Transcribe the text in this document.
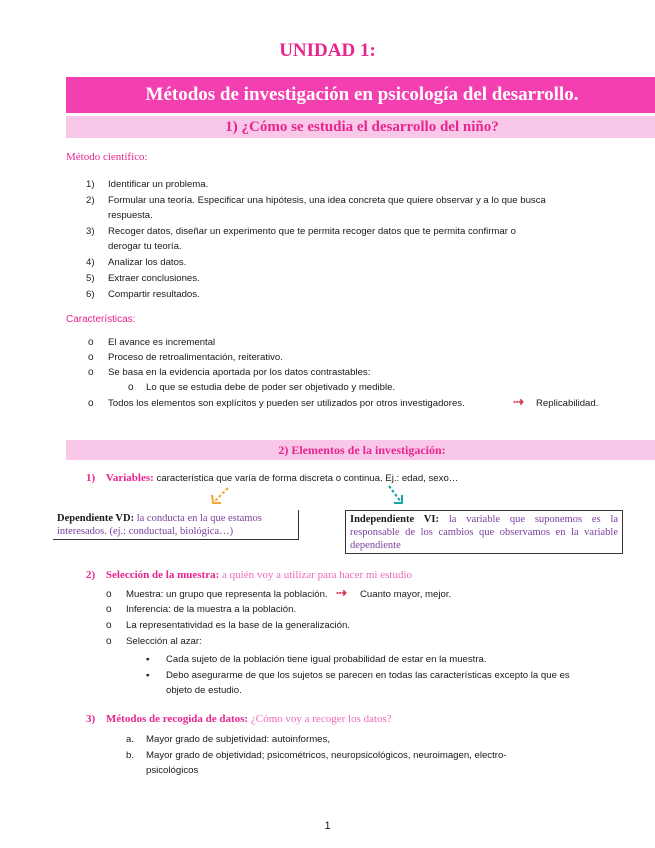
UNIDAD 1:
Métodos de investigación en psicología del desarrollo.
1) ¿Cómo se estudia el desarrollo del niño?
Método científico:
1)	Identificar un problema.
2)	Formular una teoría. Especificar una hipótesis, una idea concreta que quiere observar y a lo que busca
respuesta.
3)	Recoger datos, diseñar un experimento que te permita recoger datos que te permita confirmar o
derogar tu teoría.
4)	Analizar los datos.
5)	Extraer conclusiones.
6)	Compartir resultados.
Características:
o	El avance es incremental
o	Proceso de retroalimentación, reiterativo.
o	Se basa en la evidencia aportada por los datos contrastables:
o	Lo que se estudia debe de poder ser objetivado y medible.
o	Todos los elementos son explícitos y pueden ser utilizados por otros investigadores.	⇢ Replicabilidad.
2) Elementos de la investigación:
1) Variables: característica que varía de forma discreta o continua. Ej.: edad, sexo…
Dependiente VD: la conducta en la que estamos interesados. (ej.: conductual, biológica…)
Independiente VI: la variable que suponemos es la responsable de los cambios que observamos en la variable dependiente
2) Selección de la muestra: a quién voy a utilizar para hacer mi estudio
o	Muestra: un grupo que representa la población. ⇢ Cuanto mayor, mejor.
o	Inferencia: de la muestra a la población.
o	La representatividad es la base de la generalización.
o	Selección al azar:
▪	Cada sujeto de la población tiene igual probabilidad de estar en la muestra.
▪	Debo asegurarme de que los sujetos se parecen en todas las características excepto la que es
objeto de estudio.
3) Métodos de recogida de datos: ¿Cómo voy a recoger los datos?
a.	Mayor grado de subjetividad: autoinformes,
b.	Mayor grado de objetividad; psicométricos, neuropsicológicos, neuroimagen, electro-
psicológicos
1
